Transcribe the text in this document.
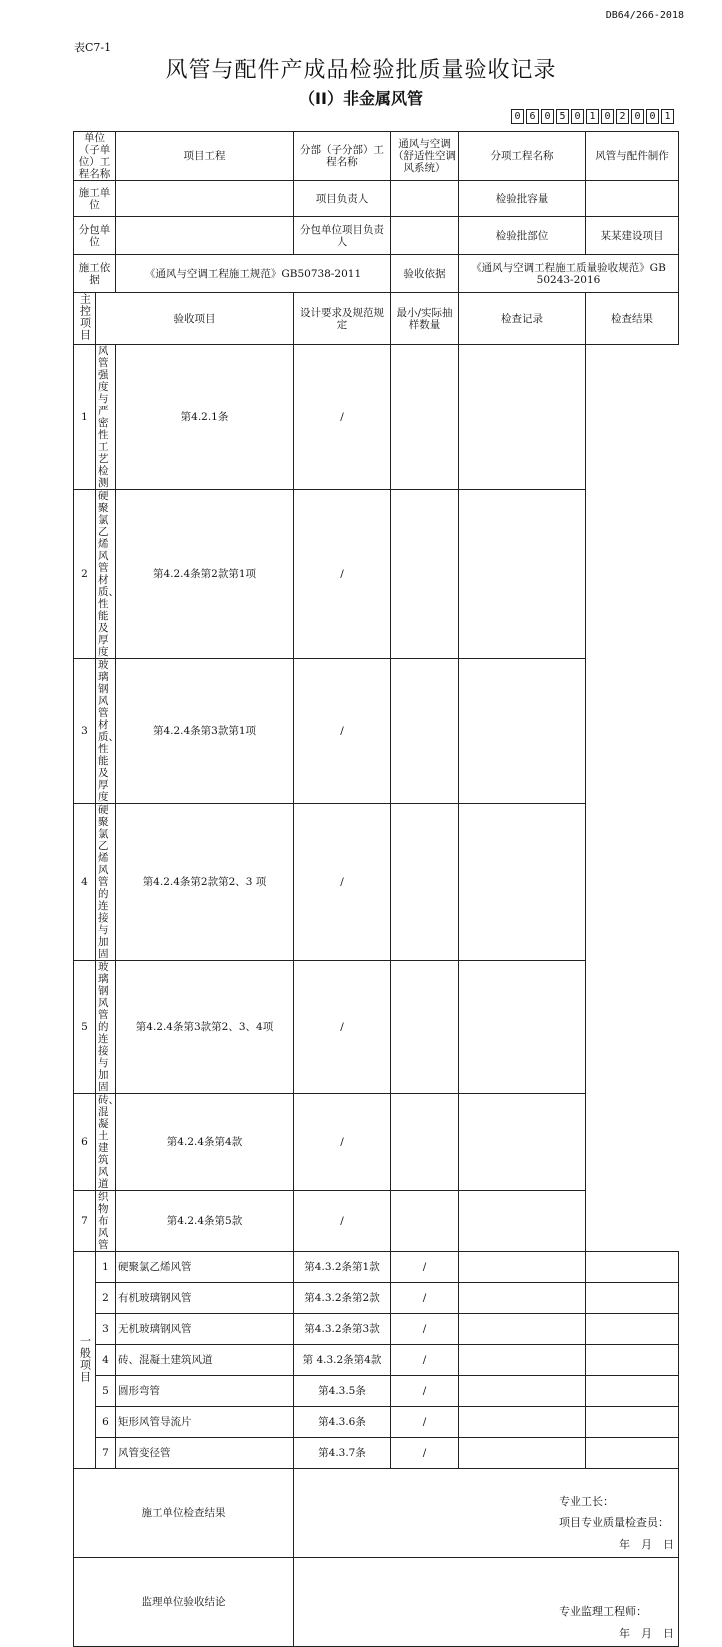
DB64/266-2018
表C7-1
风管与配件产成品检验批质量验收记录
（II）非金属风管
0 6 0 5 0 1 0 2 0 0 1
单位（子单位）工程名称		项目工程	分部（子分部）工程名称	通风与空调（舒适性空调风系统）	分项工程名称	风管与配件制作
施工单位			项目负责人		检验批容量	
分包单位			分包单位项目负责人		检验批部位	某某建设项目
施工依据		《通风与空调工程施工规范》GB50738-2011		验收依据	《通风与空调工程施工质量验收规范》GB 50243-2016	
主控项目	验收项目		设计要求及规范规定	最小/实际抽样数量	检查记录	检查结果
1	风管强度与严密性工艺检测	第4.2.1条	/			
2	硬聚氯乙烯风管材质、性能及厚度	第4.2.4条第2款第1项	/			
3	玻璃钢风管材质、性能及厚度	第4.2.4条第3款第1项	/			
4	硬聚氯乙烯风管的连接与加固	第4.2.4条第2款第2、3 项	/			
5	玻璃钢风管的连接与加固	第4.2.4条第3款第2、3、4项	/			
6	砖、混凝土建筑风道	第4.2.4条第4款	/			
7	织物布风管	第4.2.4条第5款	/			
一般项目	1	硬聚氯乙烯风管	第4.3.2条第1款	/		
	2	有机玻璃钢风管	第4.3.2条第2款	/		
	3	无机玻璃钢风管	第4.3.2条第3款	/		
	4	砖、混凝土建筑风道	第 4.3.2条第4款	/		
	5	圆形弯管	第4.3.5条	/		
	6	矩形风管导流片	第4.3.6条	/		
	7	风管变径管	第4.3.7条	/		
施工单位检查结果			专业工长：
项目专业质量检查员：
年　月　日			

监理单位验收结论			专业监理工程师：
年　月　日			
